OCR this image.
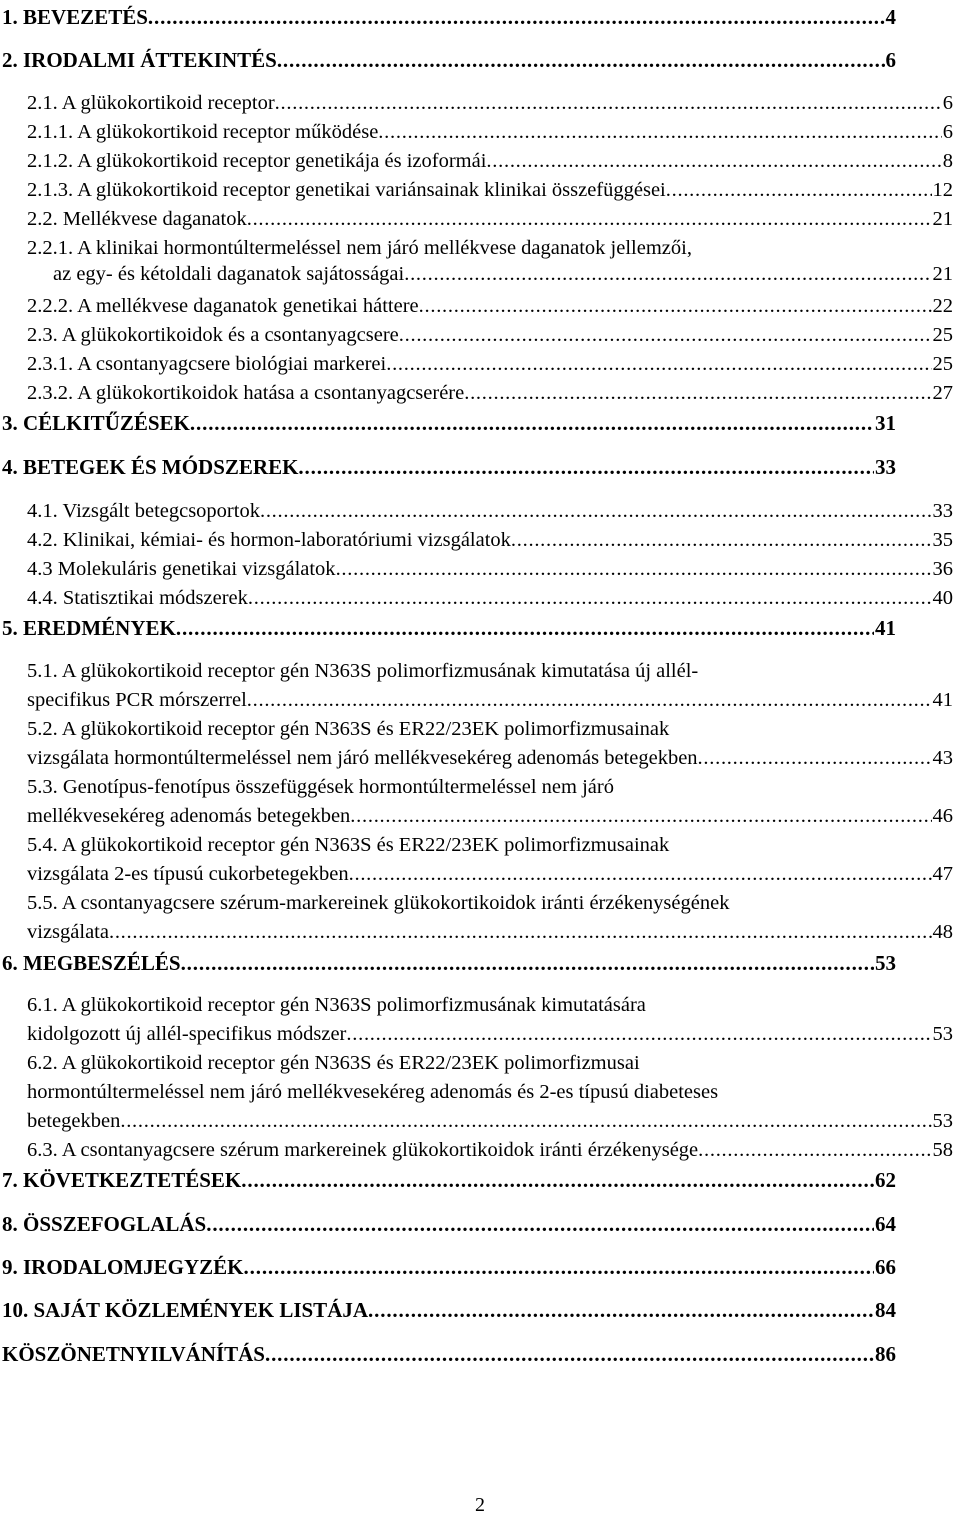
1. BEVEZETÉS . . .	4
2. IRODALMI ÁTTEKINTÉS . . .	6
2.1. A glükokortikoid receptor . . .	6
2.1.1. A glükokortikoid receptor működése . . .	6
2.1.2. A glükokortikoid receptor genetikája és izoformái . . .	8
2.1.3. A glükokortikoid receptor genetikai variánsainak klinikai összefüggései . . .	12
2.2. Mellékvese daganatok . . .	21
2.2.1. A klinikai hormontúltermeléssel nem járó mellékvese daganatok jellemzői,
az egy- és kétoldali daganatok sajátosságai . . .	21
2.2.2. A mellékvese daganatok genetikai háttere . . .	22
2.3. A glükokortikoidok és a csontanyagcsere . . .	25
2.3.1. A csontanyagcsere biológiai markerei . . .	25
2.3.2. A glükokortikoidok hatása a csontanyagcserére . . .	27
3. CÉLKITŰZÉSEK . . .	31
4. BETEGEK ÉS MÓDSZEREK . . .	33
4.1. Vizsgált betegcsoportok . . .	33
4.2. Klinikai, kémiai- és hormon-laboratóriumi vizsgálatok . . .	35
4.3 Molekuláris genetikai vizsgálatok . . .	36
4.4. Statisztikai módszerek . . .	40
5. EREDMÉNYEK . . .	41
5.1. A glükokortikoid receptor gén N363S polimorfizmusának kimutatása új allél-
specifikus PCR mórszerrel . . .	41
5.2. A glükokortikoid receptor gén N363S és ER22/23EK polimorfizmusainak
vizsgálata hormontúltermeléssel nem járó mellékvesekéreg adenomás betegekben . . .	43
5.3. Genotípus-fenotípus összefüggések hormontúltermeléssel nem járó
mellékvesekéreg adenomás betegekben . . .	46
5.4. A glükokortikoid receptor gén N363S és ER22/23EK polimorfizmusainak
vizsgálata 2-es típusú cukorbetegekben . . .	47
5.5. A csontanyagcsere szérum-markereinek glükokortikoidok iránti érzékenységének
vizsgálata . . .	48
6. MEGBESZÉLÉS . . .	53
6.1. A glükokortikoid receptor gén N363S polimorfizmusának kimutatására
kidolgozott új allél-specifikus módszer . . .	53
6.2. A glükokortikoid receptor gén N363S és ER22/23EK polimorfizmusai
hormontúltermeléssel nem járó mellékvesekéreg adenomás és 2-es típusú diabeteses
betegekben . . .	53
6.3. A csontanyagcsere szérum markereinek glükokortikoidok iránti érzékenysége . . .	58
7. KÖVETKEZTETÉSEK . . .	62
8. ÖSSZEFOGLALÁS . . .	64
9. IRODALOMJEGYZÉK . . .	66
10. SAJÁT KÖZLEMÉNYEK LISTÁJA . . .	84
KÖSZÖNETNYILVÁNÍTÁS . . .	86
2
